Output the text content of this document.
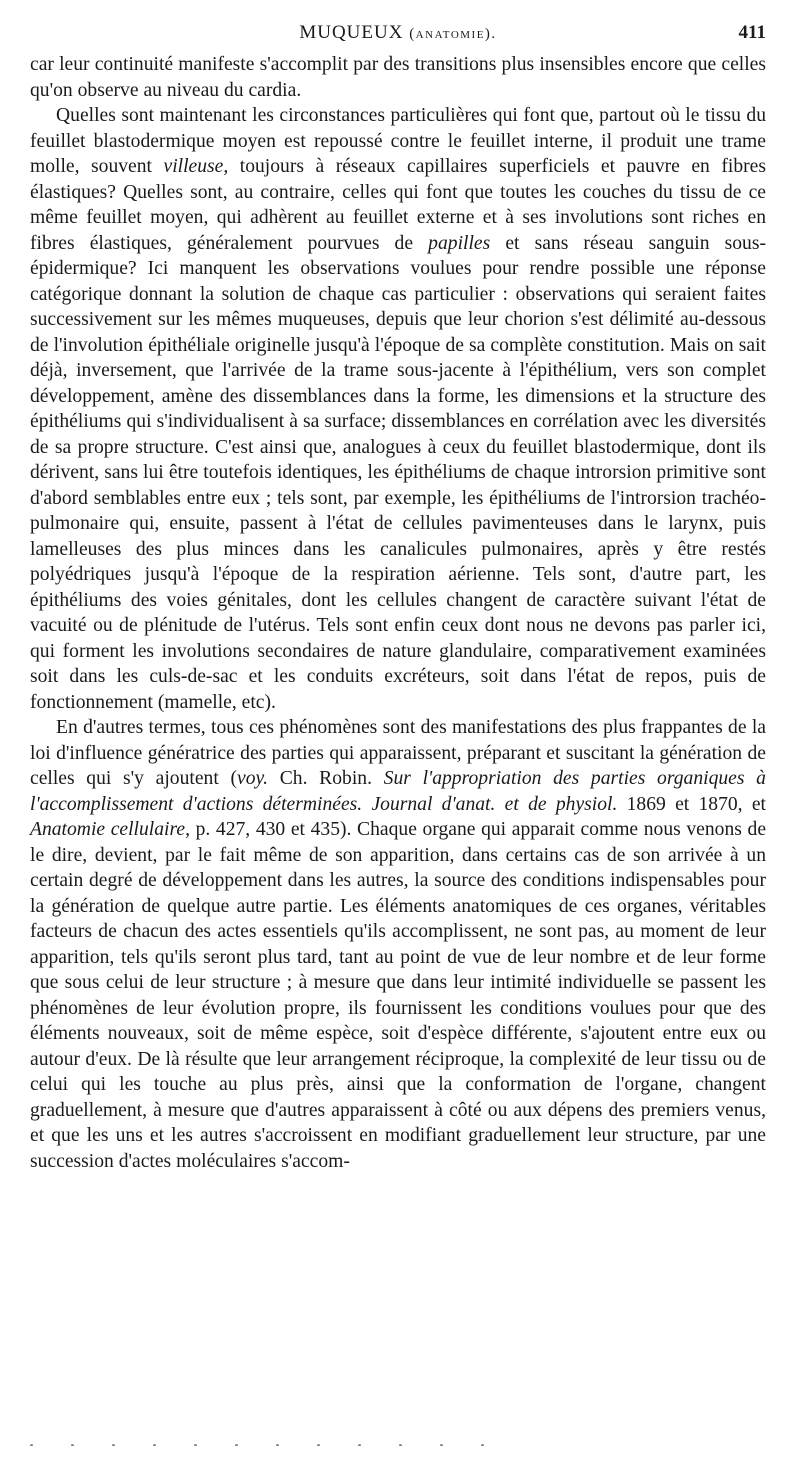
MUQUEUX (anatomie).	411

car leur continuité manifeste s'accomplit par des transitions plus insensibles encore que celles qu'on observe au niveau du cardia.

Quelles sont maintenant les circonstances particulières qui font que, partout où le tissu du feuillet blastodermique moyen est repoussé contre le feuillet interne, il produit une trame molle, souvent villeuse, toujours à réseaux capillaires superficiels et pauvre en fibres élastiques? Quelles sont, au contraire, celles qui font que toutes les couches du tissu de ce même feuillet moyen, qui adhèrent au feuillet externe et à ses involutions sont riches en fibres élastiques, généralement pourvues de papilles et sans réseau sanguin sous-épidermique? Ici manquent les observations voulues pour rendre possible une réponse catégorique donnant la solution de chaque cas particulier : observations qui seraient faites successivement sur les mêmes muqueuses, depuis que leur chorion s'est délimité au-dessous de l'involution épithéliale originelle jusqu'à l'époque de sa complète constitution. Mais on sait déjà, inversement, que l'arrivée de la trame sous-jacente à l'épithélium, vers son complet développement, amène des dissemblances dans la forme, les dimensions et la structure des épithéliums qui s'individualisent à sa surface; dissemblances en corrélation avec les diversités de sa propre structure. C'est ainsi que, analogues à ceux du feuillet blastodermique, dont ils dérivent, sans lui être toutefois identiques, les épithéliums de chaque introrsion primitive sont d'abord semblables entre eux ; tels sont, par exemple, les épithéliums de l'introrsion trachéo-pulmonaire qui, ensuite, passent à l'état de cellules pavimenteuses dans le larynx, puis lamelleuses des plus minces dans les canalicules pulmonaires, après y être restés polyédriques jusqu'à l'époque de la respiration aérienne. Tels sont, d'autre part, les épithéliums des voies génitales, dont les cellules changent de caractère suivant l'état de vacuité ou de plénitude de l'utérus. Tels sont enfin ceux dont nous ne devons pas parler ici, qui forment les involutions secondaires de nature glandulaire, comparativement examinées soit dans les culs-de-sac et les conduits excréteurs, soit dans l'état de repos, puis de fonctionnement (mamelle, etc).

En d'autres termes, tous ces phénomènes sont des manifestations des plus frappantes de la loi d'influence génératrice des parties qui apparaissent, préparant et suscitant la génération de celles qui s'y ajoutent (voy. Ch. Robin. Sur l'appropriation des parties organiques à l'accomplissement d'actions déterminées. Journal d'anat. et de physiol. 1869 et 1870, et Anatomie cellulaire, p. 427, 430 et 435). Chaque organe qui apparait comme nous venons de le dire, devient, par le fait même de son apparition, dans certains cas de son arrivée à un certain degré de développement dans les autres, la source des conditions indispensables pour la génération de quelque autre partie. Les éléments anatomiques de ces organes, véritables facteurs de chacun des actes essentiels qu'ils accomplissent, ne sont pas, au moment de leur apparition, tels qu'ils seront plus tard, tant au point de vue de leur nombre et de leur forme que sous celui de leur structure ; à mesure que dans leur intimité individuelle se passent les phénomènes de leur évolution propre, ils fournissent les conditions voulues pour que des éléments nouveaux, soit de même espèce, soit d'espèce différente, s'ajoutent entre eux ou autour d'eux. De là résulte que leur arrangement réciproque, la complexité de leur tissu ou de celui qui les touche au plus près, ainsi que la conformation de l'organe, changent graduellement, à mesure que d'autres apparaissent à côté ou aux dépens des premiers venus, et que les uns et les autres s'accroissent en modifiant graduellement leur structure, par une succession d'actes moléculaires s'accom-
